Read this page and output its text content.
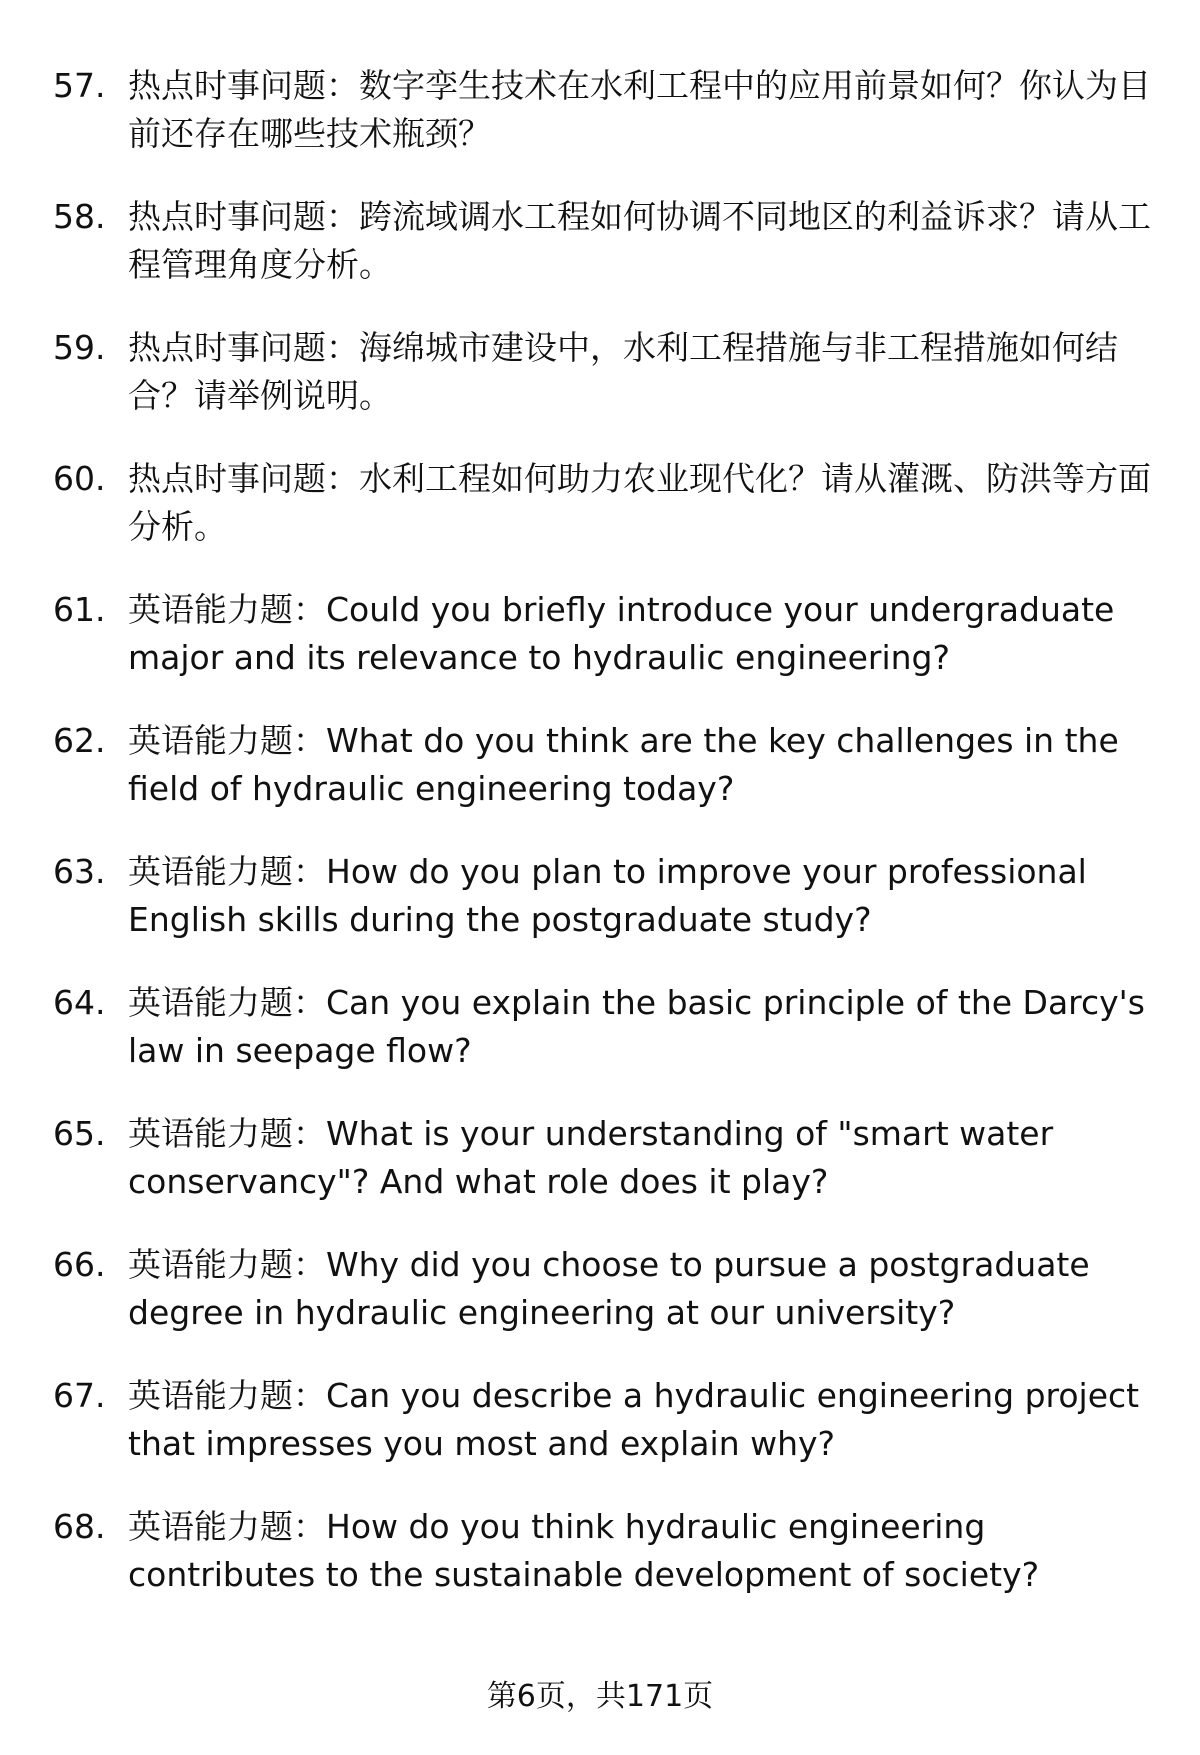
57. 热点时事问题：数字孪生技术在水利工程中的应用前景如何？你认为目前还存在哪些技术瓶颈？
58. 热点时事问题：跨流域调水工程如何协调不同地区的利益诉求？请从工程管理角度分析。
59. 热点时事问题：海绵城市建设中，水利工程措施与非工程措施如何结合？请举例说明。
60. 热点时事问题：水利工程如何助力农业现代化？请从灌溉、防洪等方面分析。
61. 英语能力题：Could you briefly introduce your undergraduate major and its relevance to hydraulic engineering?
62. 英语能力题：What do you think are the key challenges in the field of hydraulic engineering today?
63. 英语能力题：How do you plan to improve your professional English skills during the postgraduate study?
64. 英语能力题：Can you explain the basic principle of the Darcy's law in seepage flow?
65. 英语能力题：What is your understanding of "smart water conservancy"? And what role does it play?
66. 英语能力题：Why did you choose to pursue a postgraduate degree in hydraulic engineering at our university?
67. 英语能力题：Can you describe a hydraulic engineering project that impresses you most and explain why?
68. 英语能力题：How do you think hydraulic engineering contributes to the sustainable development of society?
第6页，共171页
